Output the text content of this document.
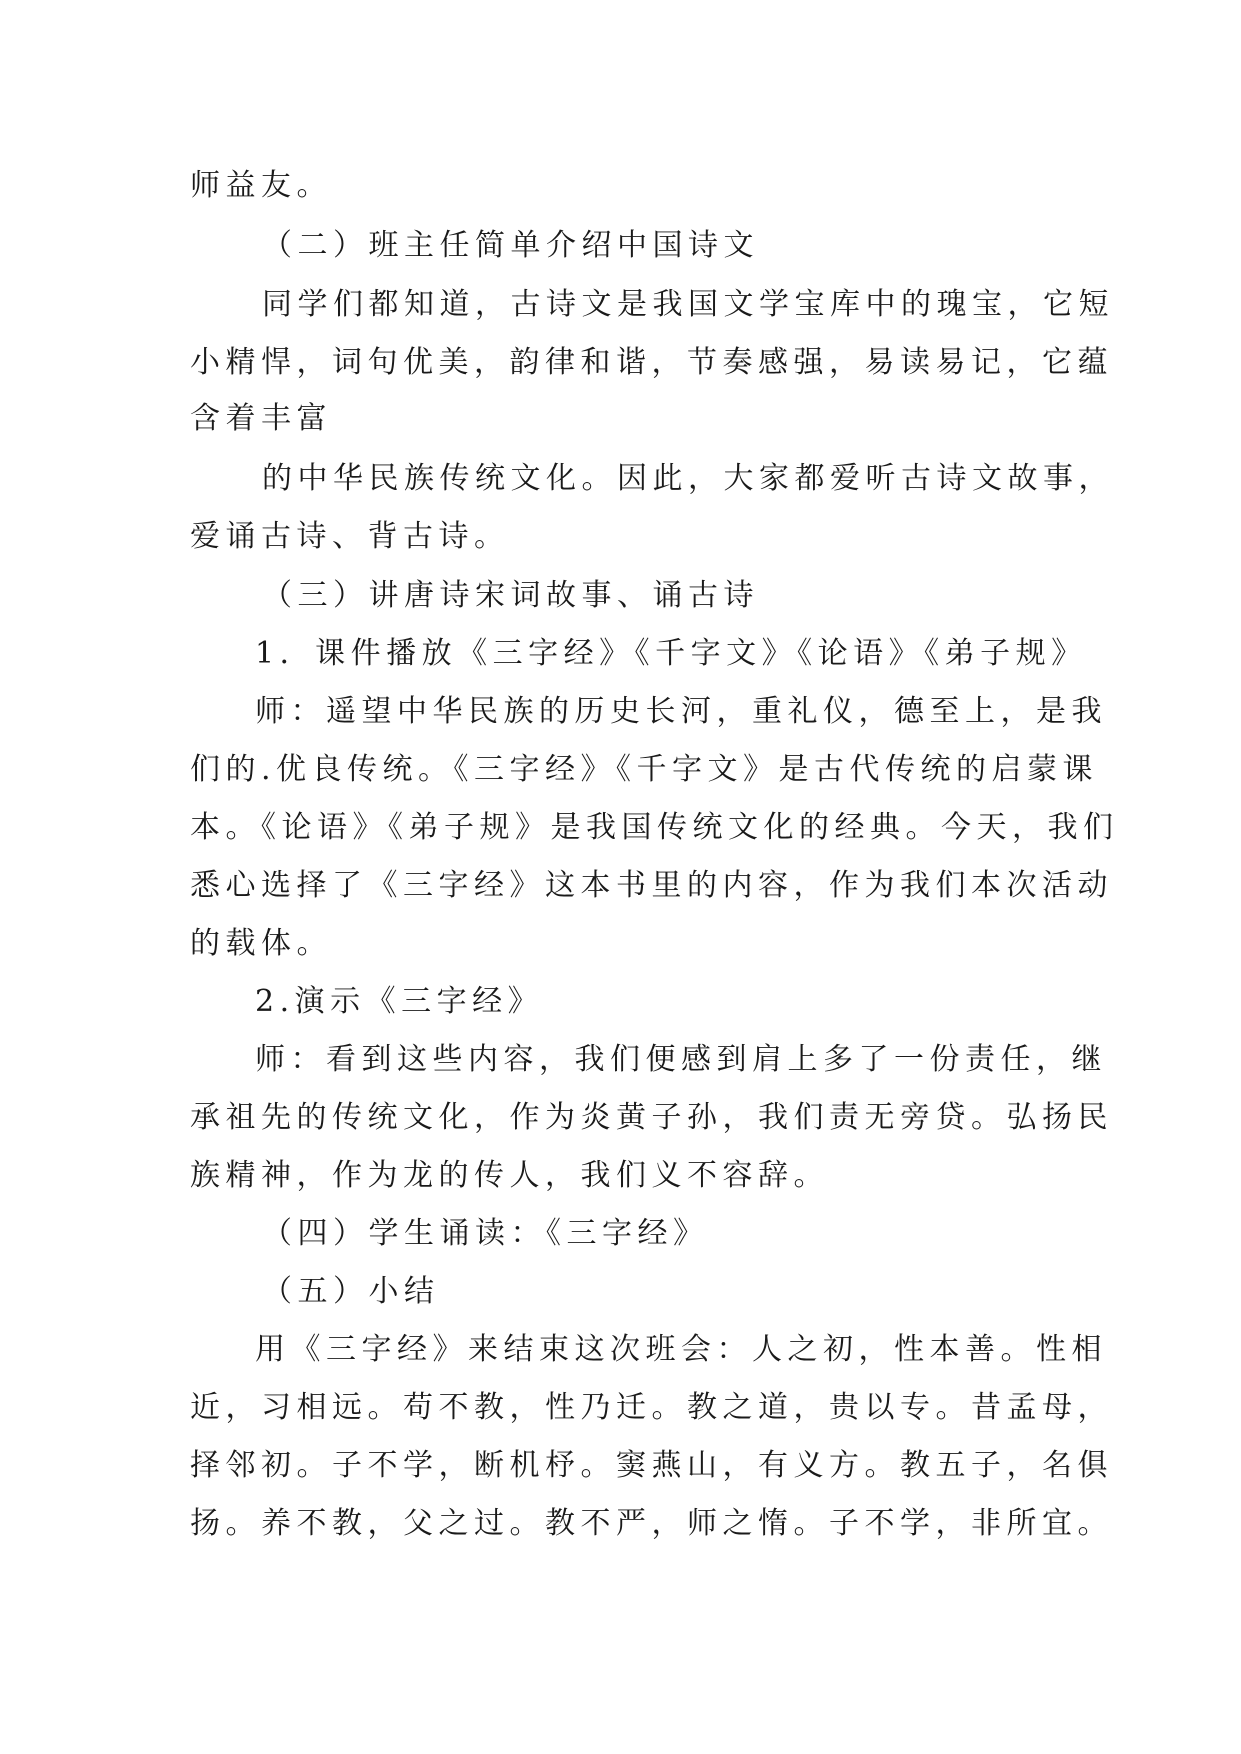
师益友。
（二）班主任简单介绍中国诗文
同学们都知道，古诗文是我国文学宝库中的瑰宝，它短
小精悍，词句优美，韵律和谐，节奏感强，易读易记，它蕴
含着丰富
的中华民族传统文化。因此，大家都爱听古诗文故事，
爱诵古诗、背古诗。
（三）讲唐诗宋词故事、诵古诗
1．课件播放《三字经》《千字文》《论语》《弟子规》
师：遥望中华民族的历史长河，重礼仪，德至上，是我
们的.优良传统。《三字经》《千字文》是古代传统的启蒙课
本。《论语》《弟子规》是我国传统文化的经典。今天，我们
悉心选择了《三字经》这本书里的内容，作为我们本次活动
的载体。
2.演示《三字经》
师：看到这些内容，我们便感到肩上多了一份责任，继
承祖先的传统文化，作为炎黄子孙，我们责无旁贷。弘扬民
族精神，作为龙的传人，我们义不容辞。
（四）学生诵读：《三字经》
（五）小结
用《三字经》来结束这次班会：人之初，性本善。性相
近，习相远。苟不教，性乃迁。教之道，贵以专。昔孟母，
择邻初。子不学，断机杼。窦燕山，有义方。教五子，名俱
扬。养不教，父之过。教不严，师之惰。子不学，非所宜。
